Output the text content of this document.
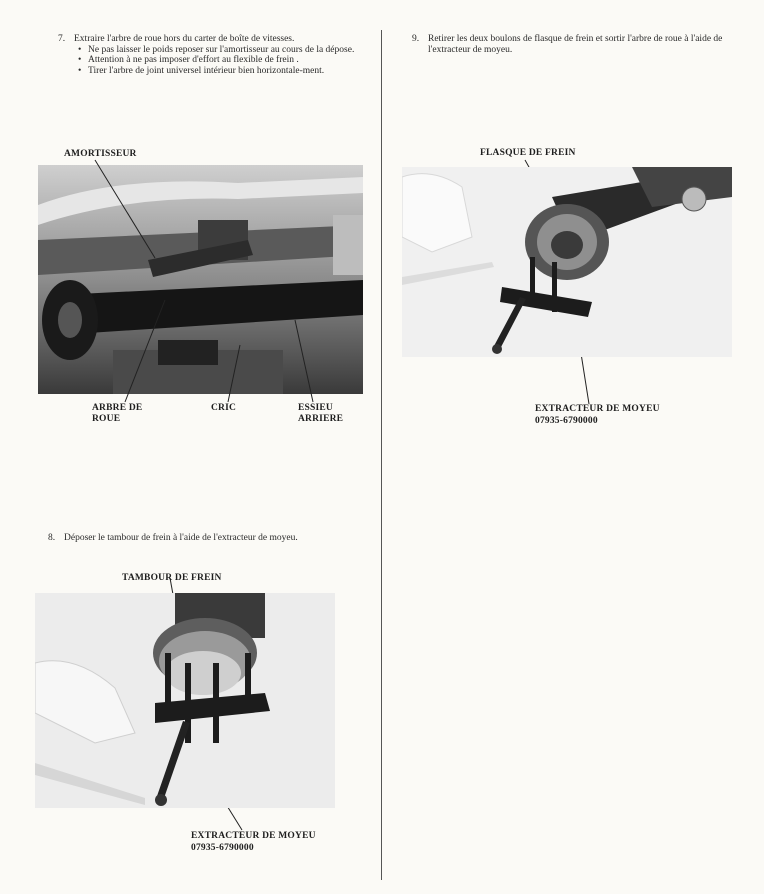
7. Extraire l'arbre de roue hors du carter de boîte de vitesses.
• Ne pas laisser le poids reposer sur l'amortisseur au cours de la dépose.
• Attention à ne pas imposer d'effort au flexible de frein .
• Tirer l'arbre de joint universel intérieur bien horizontale-ment.
AMORTISSEUR
ARBRE DE
ROUE
CRIC	ESSIEU
ARRIERE
8. Déposer le tambour de frein à l'aide de l'extracteur de moyeu.
TAMBOUR DE FREIN
EXTRACTEUR DE MOYEU
07935-6790000
9. Retirer les deux boulons de flasque de frein et sortir l'arbre de roue à l'aide de l'extracteur de moyeu.
FLASQUE DE FREIN
EXTRACTEUR DE MOYEU
07935-6790000
